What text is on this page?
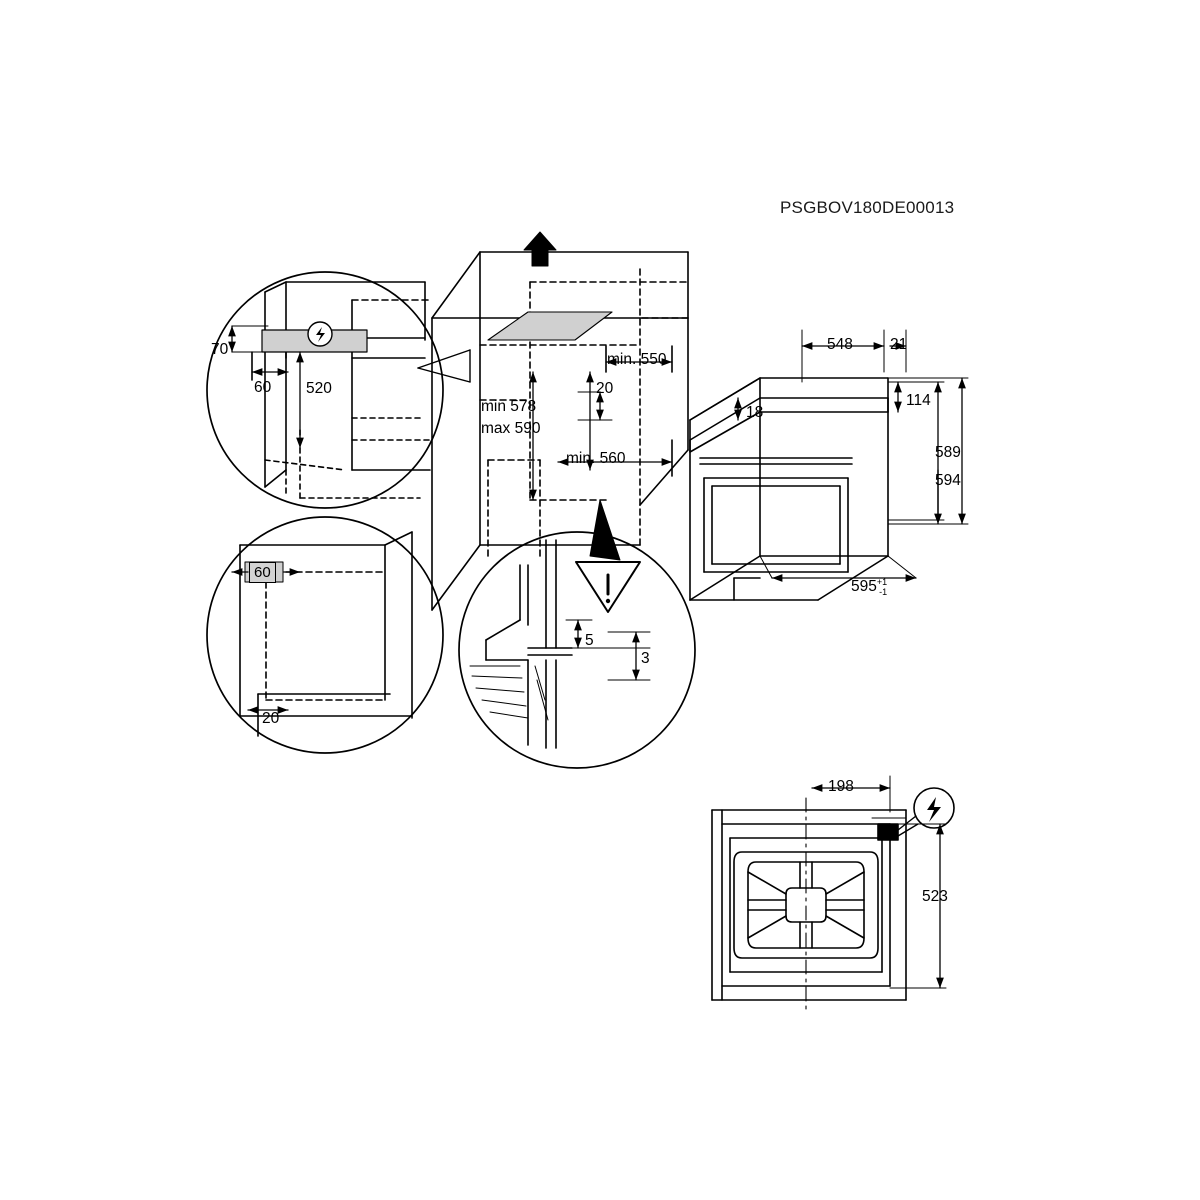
PSGBOV180DE00013
70
60 520
60
20
min. 550
20
min 578
max 590
min. 560
5
3
548 21
114
18
589
594
$595^{+1}_{-1}$
198
523
